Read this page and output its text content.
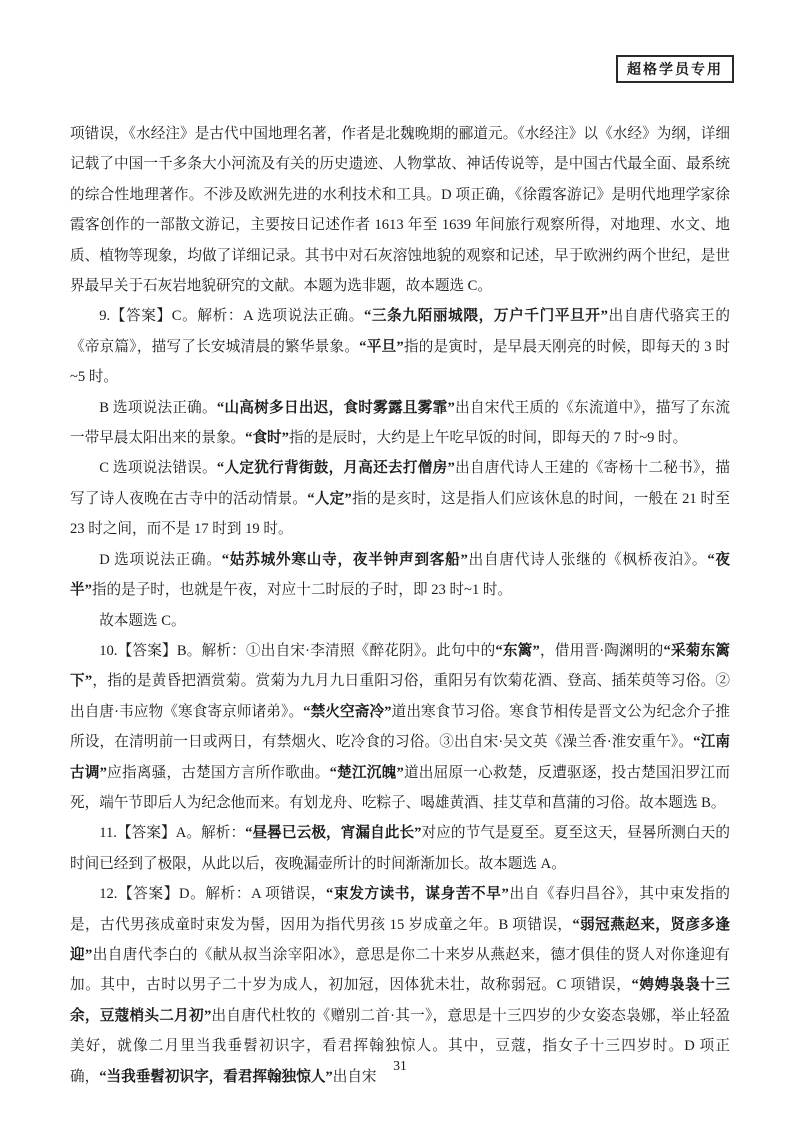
超格学员专用

项错误，《水经注》是古代中国地理名著，作者是北魏晚期的郦道元。《水经注》以《水经》为纲，详细记载了中国一千多条大小河流及有关的历史遗迹、人物掌故、神话传说等，是中国古代最全面、最系统的综合性地理著作。不涉及欧洲先进的水利技术和工具。D 项正确，《徐霞客游记》是明代地理学家徐霞客创作的一部散文游记，主要按日记述作者 1613 年至 1639 年间旅行观察所得，对地理、水文、地质、植物等现象，均做了详细记录。其书中对石灰溶蚀地貌的观察和记述，早于欧洲约两个世纪，是世界最早关于石灰岩地貌研究的文献。本题为选非题，故本题选 C。

9.【答案】C。解析：A 选项说法正确。“三条九陌丽城隈，万户千门平旦开”出自唐代骆宾王的《帝京篇》，描写了长安城清晨的繁华景象。“平旦”指的是寅时，是早晨天刚亮的时候，即每天的 3 时~5 时。

B 选项说法正确。“山高树多日出迟，食时雾露且雾霏”出自宋代王质的《东流道中》，描写了东流一带早晨太阳出来的景象。“食时”指的是辰时，大约是上午吃早饭的时间，即每天的 7 时~9 时。

C 选项说法错误。“人定犹行背街鼓，月高还去打僧房”出自唐代诗人王建的《寄杨十二秘书》，描写了诗人夜晚在古寺中的活动情景。“人定”指的是亥时，这是指人们应该休息的时间，一般在 21 时至 23 时之间，而不是 17 时到 19 时。

D 选项说法正确。“姑苏城外寒山寺，夜半钟声到客船”出自唐代诗人张继的《枫桥夜泊》。“夜半”指的是子时，也就是午夜，对应十二时辰的子时，即 23 时~1 时。

故本题选 C。

10.【答案】B。解析：①出自宋·李清照《醉花阴》。此句中的“东篱”，借用晋·陶渊明的“采菊东篱下”，指的是黄昏把酒赏菊。赏菊为九月九日重阳习俗，重阳另有饮菊花酒、登高、插茱萸等习俗。②出自唐·韦应物《寒食寄京师诸弟》。“禁火空斋冷”道出寒食节习俗。寒食节相传是晋文公为纪念介子推所设，在清明前一日或两日，有禁烟火、吃冷食的习俗。③出自宋·吴文英《澡兰香·淮安重午》。“江南古调”应指离骚，古楚国方言所作歌曲。“楚江沉魄”道出屈原一心救楚，反遭驱逐，投古楚国汨罗江而死，端午节即后人为纪念他而来。有划龙舟、吃粽子、喝雄黄酒、挂艾草和菖蒲的习俗。故本题选 B。

11.【答案】A。解析：“昼晷已云极，宵漏自此长”对应的节气是夏至。夏至这天，昼晷所测白天的时间已经到了极限，从此以后，夜晚漏壶所计的时间渐渐加长。故本题选 A。

12.【答案】D。解析：A 项错误，“束发方读书，谋身苦不早”出自《春归昌谷》，其中束发指的是，古代男孩成童时束发为髻，因用为指代男孩 15 岁成童之年。B 项错误，“弱冠燕赵来，贤彦多逢迎”出自唐代李白的《献从叔当涂宰阳冰》，意思是你二十来岁从燕赵来，德才俱佳的贤人对你逢迎有加。其中，古时以男子二十岁为成人，初加冠，因体犹未壮，故称弱冠。C 项错误，“娉娉袅袅十三余，豆蔻梢头二月初”出自唐代杜牧的《赠别二首·其一》，意思是十三四岁的少女姿态袅娜，举止轻盈美好，就像二月里当我垂髫初识字，看君挥翰独惊人。其中，豆蔻，指女子十三四岁时。D 项正确，“当我垂髫初识字，看君挥翰独惊人”出自宋

31
